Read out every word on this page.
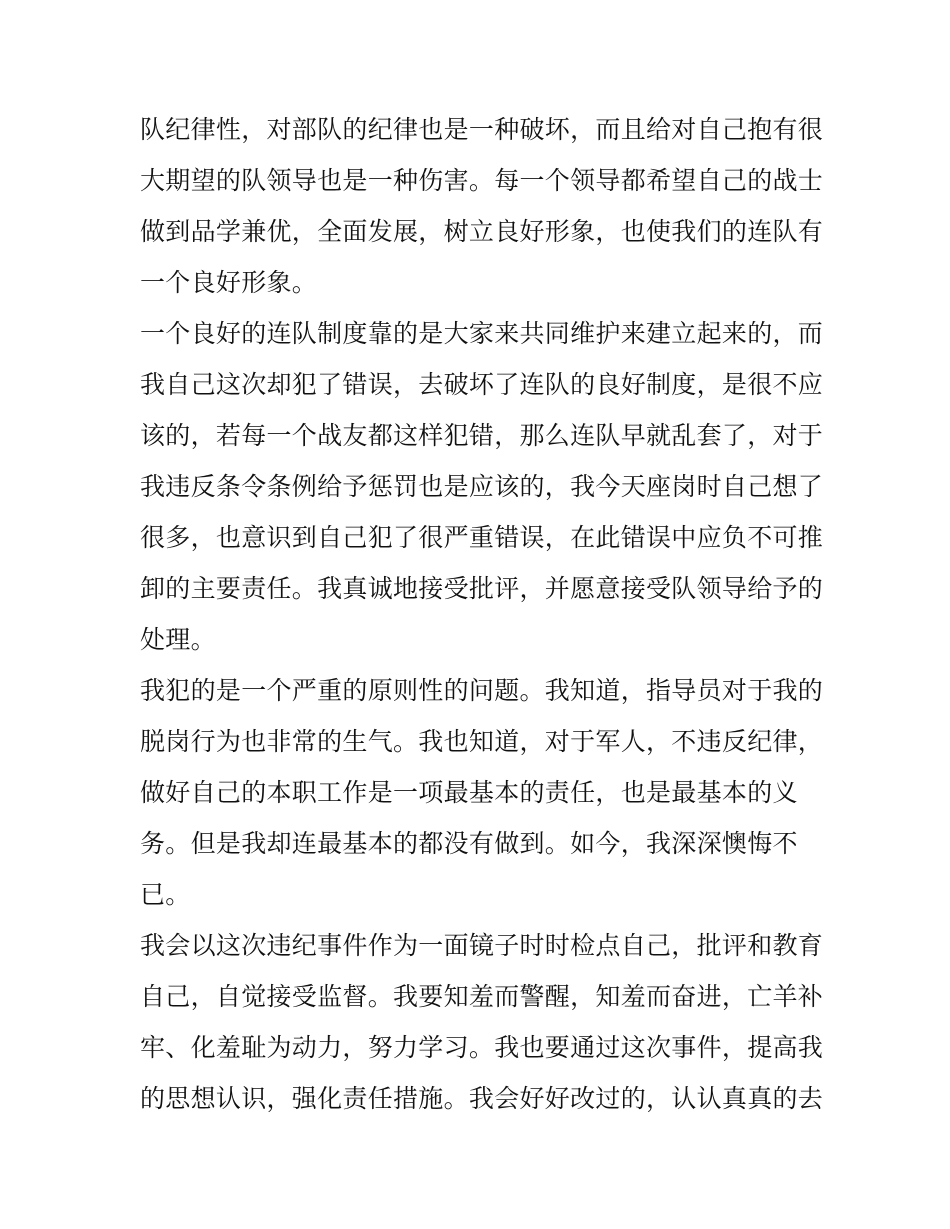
队纪律性，对部队的纪律也是一种破坏，而且给对自己抱有很
大期望的队领导也是一种伤害。每一个领导都希望自己的战士
做到品学兼优，全面发展，树立良好形象，也使我们的连队有
一个良好形象。
一个良好的连队制度靠的是大家来共同维护来建立起来的，而
我自己这次却犯了错误，去破坏了连队的良好制度，是很不应
该的，若每一个战友都这样犯错，那么连队早就乱套了，对于
我违反条令条例给予惩罚也是应该的，我今天座岗时自己想了
很多，也意识到自己犯了很严重错误，在此错误中应负不可推
卸的主要责任。我真诚地接受批评，并愿意接受队领导给予的
处理。
我犯的是一个严重的原则性的问题。我知道，指导员对于我的
脱岗行为也非常的生气。我也知道，对于军人，不违反纪律，
做好自己的本职工作是一项最基本的责任，也是最基本的义
务。但是我却连最基本的都没有做到。如今，我深深懊悔不
已。
我会以这次违纪事件作为一面镜子时时检点自己，批评和教育
自己，自觉接受监督。我要知羞而警醒，知羞而奋进，亡羊补
牢、化羞耻为动力，努力学习。我也要通过这次事件，提高我
的思想认识，强化责任措施。我会好好改过的，认认真真的去
